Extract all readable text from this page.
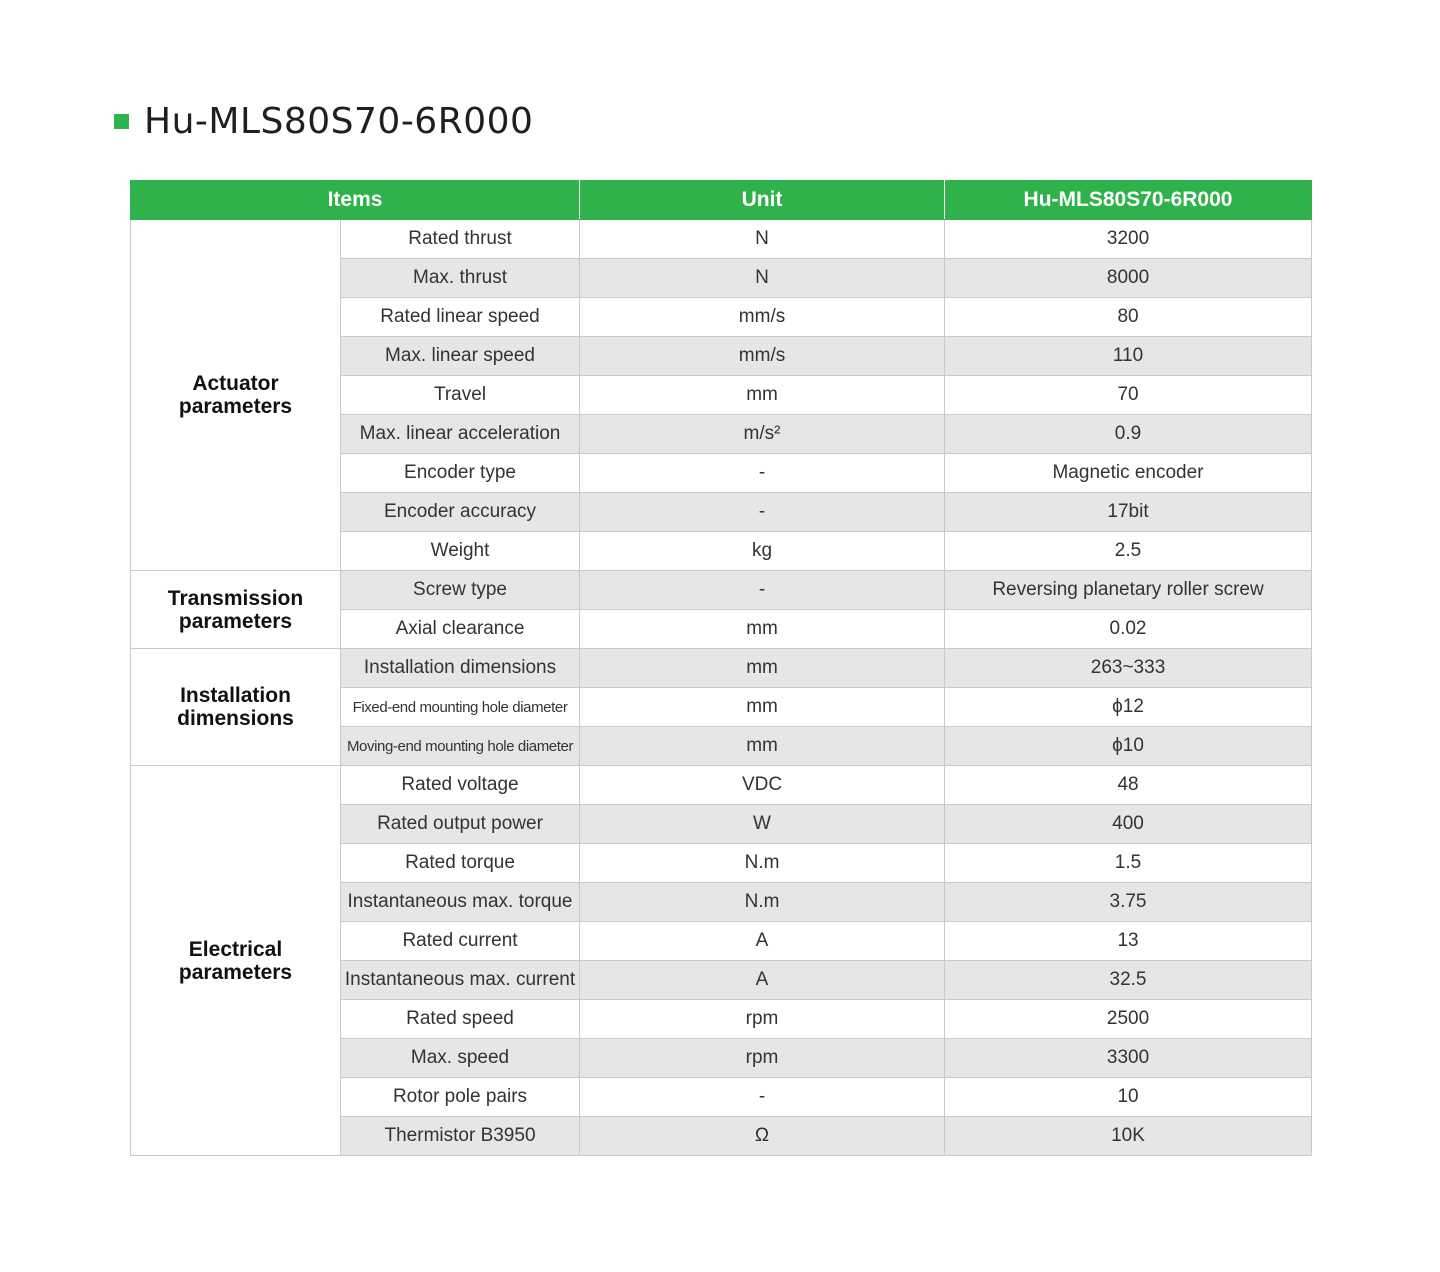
Hu-MLS80S70-6R000
Items		Unit	Hu-MLS80S70-6R000

Actuator
parameters	Rated thrust	N	3200
	Max. thrust	N	8000
	Rated linear speed	mm/s	80
	Max. linear speed	mm/s	110
	Travel	mm	70
	Max. linear acceleration	m/s²	0.9
	Encoder type	-	Magnetic encoder
	Encoder accuracy	-	17bit
	Weight	kg	2.5

Transmission
parameters	Screw type	-	Reversing planetary roller screw
	Axial clearance	mm	0.02

Installation
dimensions	Installation dimensions	mm	263~333
	Fixed-end mounting hole diameter	mm	ϕ12
	Moving-end mounting hole diameter	mm	ϕ10

Electrical
parameters	Rated voltage	VDC	48
	Rated output power	W	400
	Rated torque	N.m	1.5
	Instantaneous max. torque	N.m	3.75
	Rated current	A	13
	Instantaneous max. current	A	32.5
	Rated speed	rpm	2500
	Max. speed	rpm	3300
	Rotor pole pairs	-	10
	Thermistor B3950	Ω	10K
